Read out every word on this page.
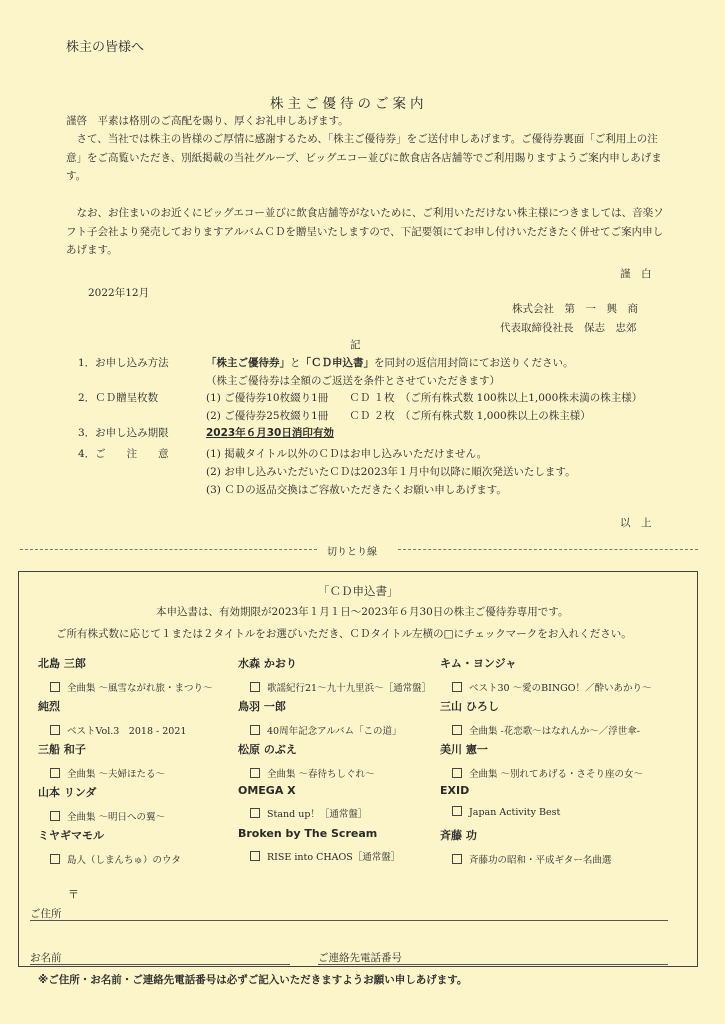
株主の皆様へ
株主ご優待のご案内
謹啓　平素は格別のご高配を賜り、厚くお礼申しあげます。
　さて、当社では株主の皆様のご厚情に感謝するため、「株主ご優待券」をご送付申しあげます。ご優待券裏面「ご利用上の注意」をご高覧いただき、別紙掲載の当社グループ、ビッグエコー並びに飲食店各店舗等でご利用賜りますようご案内申しあげます。
　なお、お住まいのお近くにビッグエコー並びに飲食店舗等がないために、ご利用いただけない株主様につきましては、音楽ソフト子会社より発売しておりますアルバムＣＤを贈呈いたしますので、下記要領にてお申し付けいただきたく併せてご案内申しあげます。
謹　白
2022年12月
株式会社　第　一　興　商
代表取締役社長　保志　忠郊
記
1．お申し込み方法	「株主ご優待券」と「ＣＤ申込書」を同封の返信用封筒にてお送りください。
（株主ご優待券は全額のご返送を条件とさせていただきます）
2．ＣＤ贈呈枚数	(1) ご優待券10枚綴り1冊　　ＣＤ １枚　（ご所有株式数 100株以上1,000株未満の株主様）
(2) ご優待券25枚綴り1冊　　ＣＤ ２枚　（ご所有株式数 1,000株以上の株主様）
3．お申し込み期限	2023年６月30日消印有効
4．ご　　注　　意	(1) 掲載タイトル以外のＣＤはお申し込みいただけません。
(2) お申し込みいただいたＣＤは2023年１月中旬以降に順次発送いたします。
(3) ＣＤの返品交換はご容赦いただきたくお願い申しあげます。
以　上
切りとり線
「ＣＤ申込書」
本申込書は、有効期限が2023年１月１日〜2023年６月30日の株主ご優待券専用です。
ご所有株式数に応じて１または２タイトルをお選びいただき、ＣＤタイトル左横の□にチェックマークをお入れください。
北島 三郎
全曲集 〜風雪ながれ旅・まつり〜
水森 かおり
歌謡紀行21〜九十九里浜〜［通常盤］
キム・ヨンジャ
ベスト30 〜愛のBINGO！／酔いあかり〜
純烈
ベストVol.3　2018 - 2021
鳥羽 一郎
40周年記念アルバム「この道」
三山 ひろし
全曲集 -花恋歌〜はなれんか〜／浮世傘-
三船 和子
全曲集 〜夫婦ほたる〜
松原 のぶえ
全曲集 〜春待ちしぐれ〜
美川 憲一
全曲集 〜別れてあげる・さそり座の女〜
山本 リンダ
全曲集 〜明日への翼〜
OMEGA X
Stand up！［通常盤］
EXID
Japan Activity Best
ミヤギマモル
島人（しまんちゅ）のウタ
Broken by The Scream
RISE into CHAOS［通常盤］
斉藤 功
斉藤功の昭和・平成ギター名曲選
〒
ご住所
お名前	ご連絡先電話番号
※ご住所・お名前・ご連絡先電話番号は必ずご記入いただきますようお願い申しあげます。
